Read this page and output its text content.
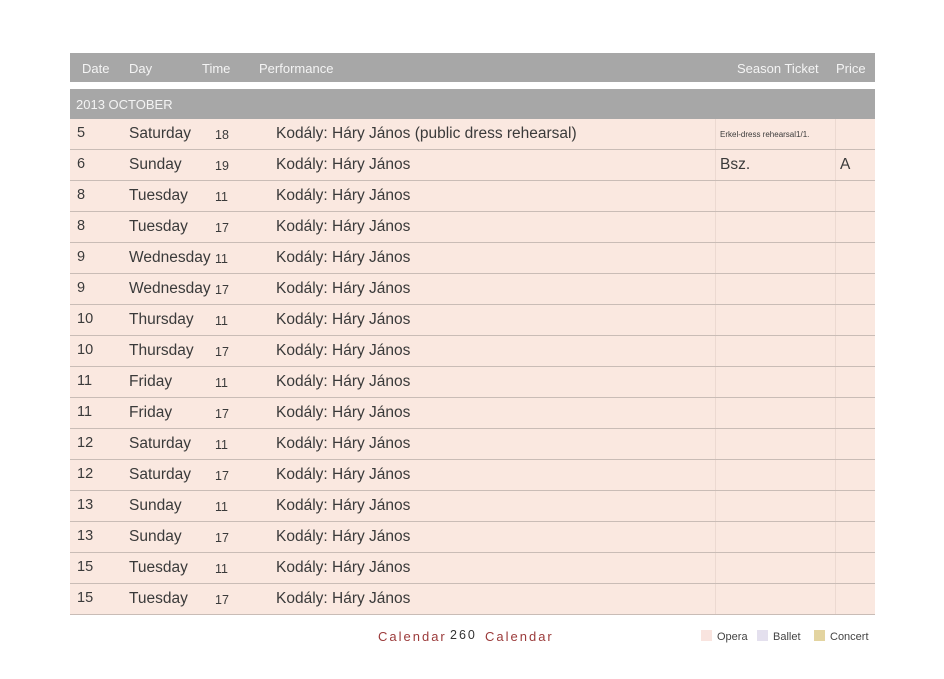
Date Day	Time Performance	Season Ticket Price
2013 OCTOBER
5	Saturday 18	Kodály: Háry János (public dress rehearsal)	Erkel-dress rehearsal1/1.
6	Sunday	19	Kodály: Háry János	Bsz.	A
8	Tuesday 11	Kodály: Háry János
8	Tuesday 17	Kodály: Háry János
9	Wednesday 11	Kodály: Háry János
9	Wednesday 17	Kodály: Háry János
10 Thursday 11	Kodály: Háry János
10 Thursday 17	Kodály: Háry János
11 Friday	11	Kodály: Háry János
11 Friday	17	Kodály: Háry János
12 Saturday 11	Kodály: Háry János
12 Saturday 17	Kodály: Háry János
13 Sunday	11	Kodály: Háry János
13 Sunday	17	Kodály: Háry János
15 Tuesday 11	Kodály: Háry János
15 Tuesday 17	Kodály: Háry János
Calendar 260 Calendar	Opera	Ballet	Concert
